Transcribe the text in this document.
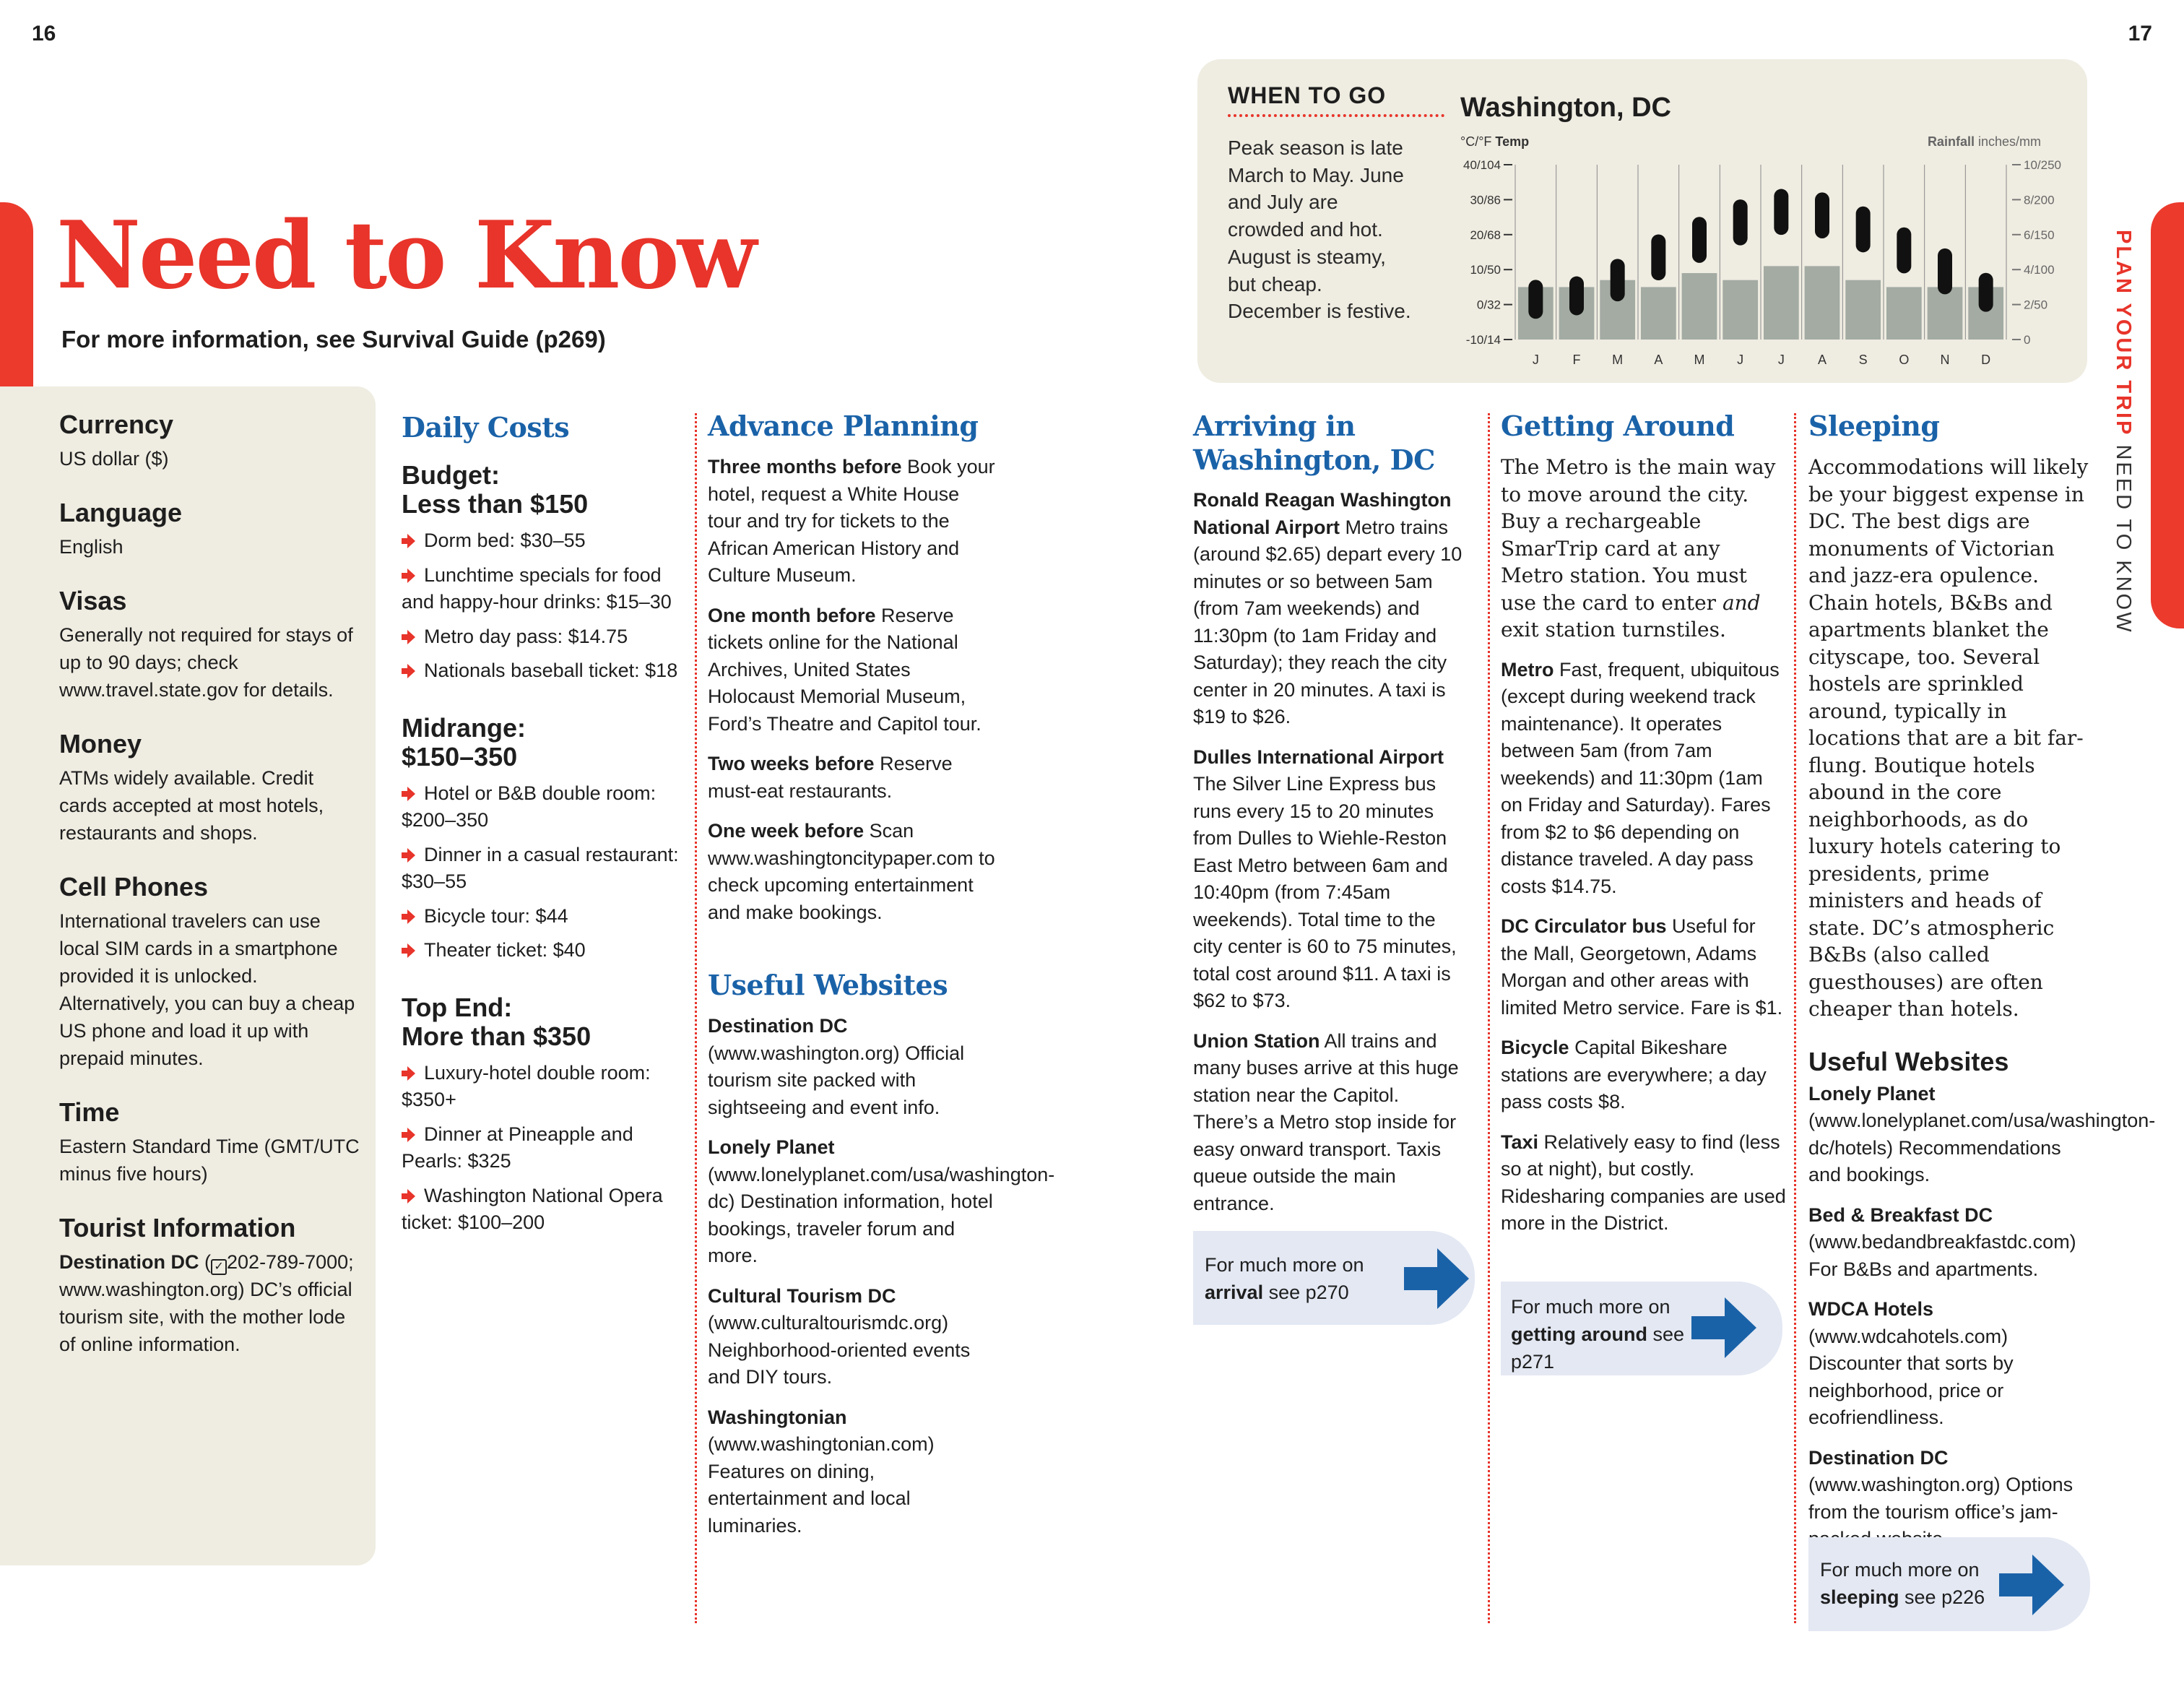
16	17
PLAN YOUR TRIP NEED TO KNOW
Need to Know
For more information, see Survival Guide (p269)
Currency
US dollar ($)
Language
English
Visas
Generally not required for stays of up to 90 days; check www.travel.state.gov for details.
Money
ATMs widely available. Credit cards accepted at most hotels, restaurants and shops.
Cell Phones
International travelers can use local SIM cards in a smartphone provided it is unlocked. Alternatively, you can buy a cheap US phone and load it up with prepaid minutes.
Time
Eastern Standard Time (GMT/UTC minus five hours)
Tourist Information
Destination DC ( ✓ 202-789-7000; www.washington.org) DC’s official tourism site, with the mother lode of online information.
Daily Costs
Budget:
Less than $150
Dorm bed: $30–55
Lunchtime specials for food and happy-hour drinks: $15–30
Metro day pass: $14.75
Nationals baseball ticket: $18
Midrange:
$150–350
Hotel or B&B double room: $200–350
Dinner in a casual restaurant: $30–55
Bicycle tour: $44
Theater ticket: $40
Top End:
More than $350
Luxury-hotel double room: $350+
Dinner at Pineapple and Pearls: $325
Washington National Opera ticket: $100–200
Advance Planning
Three months before Book your hotel, request a White House tour and try for tickets to the African American History and Culture Museum.
One month before Reserve tickets online for the National Archives, United States Holocaust Memorial Museum, Ford’s Theatre and Capitol tour.
Two weeks before Reserve must-eat restaurants.
One week before Scan www.washingtoncitypaper.com to check upcoming entertainment and make bookings.
Useful Websites
Destination DC
(www.washington.org) Official tourism site packed with sightseeing and event info.
Lonely Planet
(www.lonelyplanet.com/usa/washington-dc) Destination information, hotel bookings, traveler forum and more.
Cultural Tourism DC
(www.culturaltourismdc.org) Neighborhood-oriented events and DIY tours.
Washingtonian
(www.washingtonian.com) Features on dining, entertainment and local luminaries.
Arriving in
Washington, DC
Ronald Reagan Washington National Airport Metro trains (around $2.65) depart every 10 minutes or so between 5am (from 7am weekends) and 11:30pm (to 1am Friday and Saturday); they reach the city center in 20 minutes. A taxi is $19 to $26.
Dulles International Airport The Silver Line Express bus runs every 15 to 20 minutes from Dulles to Wiehle-Reston East Metro between 6am and 10:40pm (from 7:45am weekends). Total time to the city center is 60 to 75 minutes, total cost around $11. A taxi is $62 to $73.
Union Station All trains and many buses arrive at this huge station near the Capitol. There’s a Metro stop inside for easy onward transport. Taxis queue outside the main entrance.
For much more on
arrival see p270
Getting Around
The Metro is the main way to move around the city. Buy a rechargeable SmarTrip card at any Metro station. You must use the card to enter and exit station turnstiles.
Metro Fast, frequent, ubiquitous (except during weekend track maintenance). It operates between 5am (from 7am weekends) and 11:30pm (1am on Friday and Saturday). Fares from $2 to $6 depending on distance traveled. A day pass costs $14.75.
DC Circulator bus Useful for the Mall, Georgetown, Adams Morgan and other areas with limited Metro service. Fare is $1.
Bicycle Capital Bikeshare stations are everywhere; a day pass costs $8.
Taxi Relatively easy to find (less so at night), but costly. Ridesharing companies are used more in the District.
For much more on
getting around see p271
Sleeping
Accommodations will likely be your biggest expense in DC. The best digs are monuments of Victorian and jazz-era opulence. Chain hotels, B&Bs and apartments blanket the cityscape, too. Several hostels are sprinkled around, typically in locations that are a bit far-flung. Boutique hotels abound in the core neighborhoods, as do luxury hotels catering to presidents, prime ministers and heads of state. DC’s atmospheric B&Bs (also called guesthouses) are often cheaper than hotels.
Useful Websites
Lonely Planet (www.lonelyplanet.com/usa/washington-dc/hotels) Recommendations and bookings.
Bed & Breakfast DC (www.bedandbreakfastdc.com) For B&Bs and apartments.
WDCA Hotels (www.wdcahotels.com) Discounter that sorts by neighborhood, price or ecofriendliness.
Destination DC (www.washington.org) Options from the tourism office’s jam-
For much more on
sleeping see p226
WHEN TO GO
Peak season is late March to May. June and July are crowded and hot. August is steamy, but cheap. December is festive.
Washington, DC
°C/°F Temp	Rainfall inches/mm
40/104
30/86
20/68
10/50
0/32
-10/14
10/250
8/200
6/150
4/100
2/50
0
J	F M A M J	J	A S O N D
